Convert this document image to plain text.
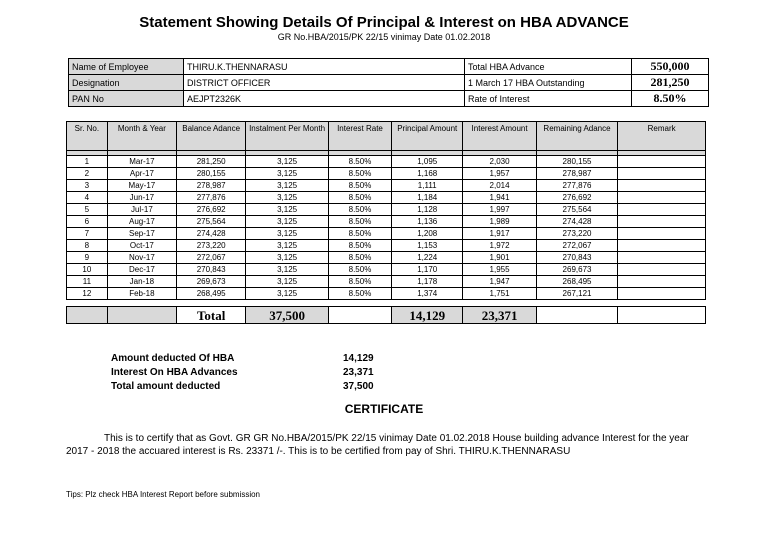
Statement Showing Details Of Principal & Interest on HBA ADVANCE
GR No.HBA/2015/PK 22/15 vinimay Date 01.02.2018
Name of Employee	THIRU.K.THENNARASU	Total HBA Advance	550,000
Designation	DISTRICT OFFICER	1 March 17 HBA Outstanding	281,250
PAN No	AEJPT2326K	Rate of Interest	8.50%
Sr. No.	Month & Year	Balance Adance	Instalment Per Month	Interest Rate	Principal Amount	Interest Amount	Remaining Adance	Remark

1	Mar-17	281,250	3,125	8.50%	1,095	2,030	280,155	
2	Apr-17	280,155	3,125	8.50%	1,168	1,957	278,987	
3	May-17	278,987	3,125	8.50%	1,111	2,014	277,876	
4	Jun-17	277,876	3,125	8.50%	1,184	1,941	276,692	
5	Jul-17	276,692	3,125	8.50%	1,128	1,997	275,564	
6	Aug-17	275,564	3,125	8.50%	1,136	1,989	274,428	
7	Sep-17	274,428	3,125	8.50%	1,208	1,917	273,220	
8	Oct-17	273,220	3,125	8.50%	1,153	1,972	272,067	
9	Nov-17	272,067	3,125	8.50%	1,224	1,901	270,843	
10	Dec-17	270,843	3,125	8.50%	1,170	1,955	269,673	
11	Jan-18	269,673	3,125	8.50%	1,178	1,947	268,495	
12	Feb-18	268,495	3,125	8.50%	1,374	1,751	267,121	

		Total	37,500		14,129	23,371		
Amount deducted Of HBA	14,129
Interest On HBA Advances	23,371
Total amount deducted	37,500
CERTIFICATE
This is to certify that as Govt. GR GR No.HBA/2015/PK 22/15 vinimay Date 01.02.2018 House building advance Interest for the year 2017 - 2018 the accuared interest is Rs. 23371 /-. This is to be certified from pay of Shri. THIRU.K.THENNARASU
Tips: Plz check HBA Interest Report before submission
